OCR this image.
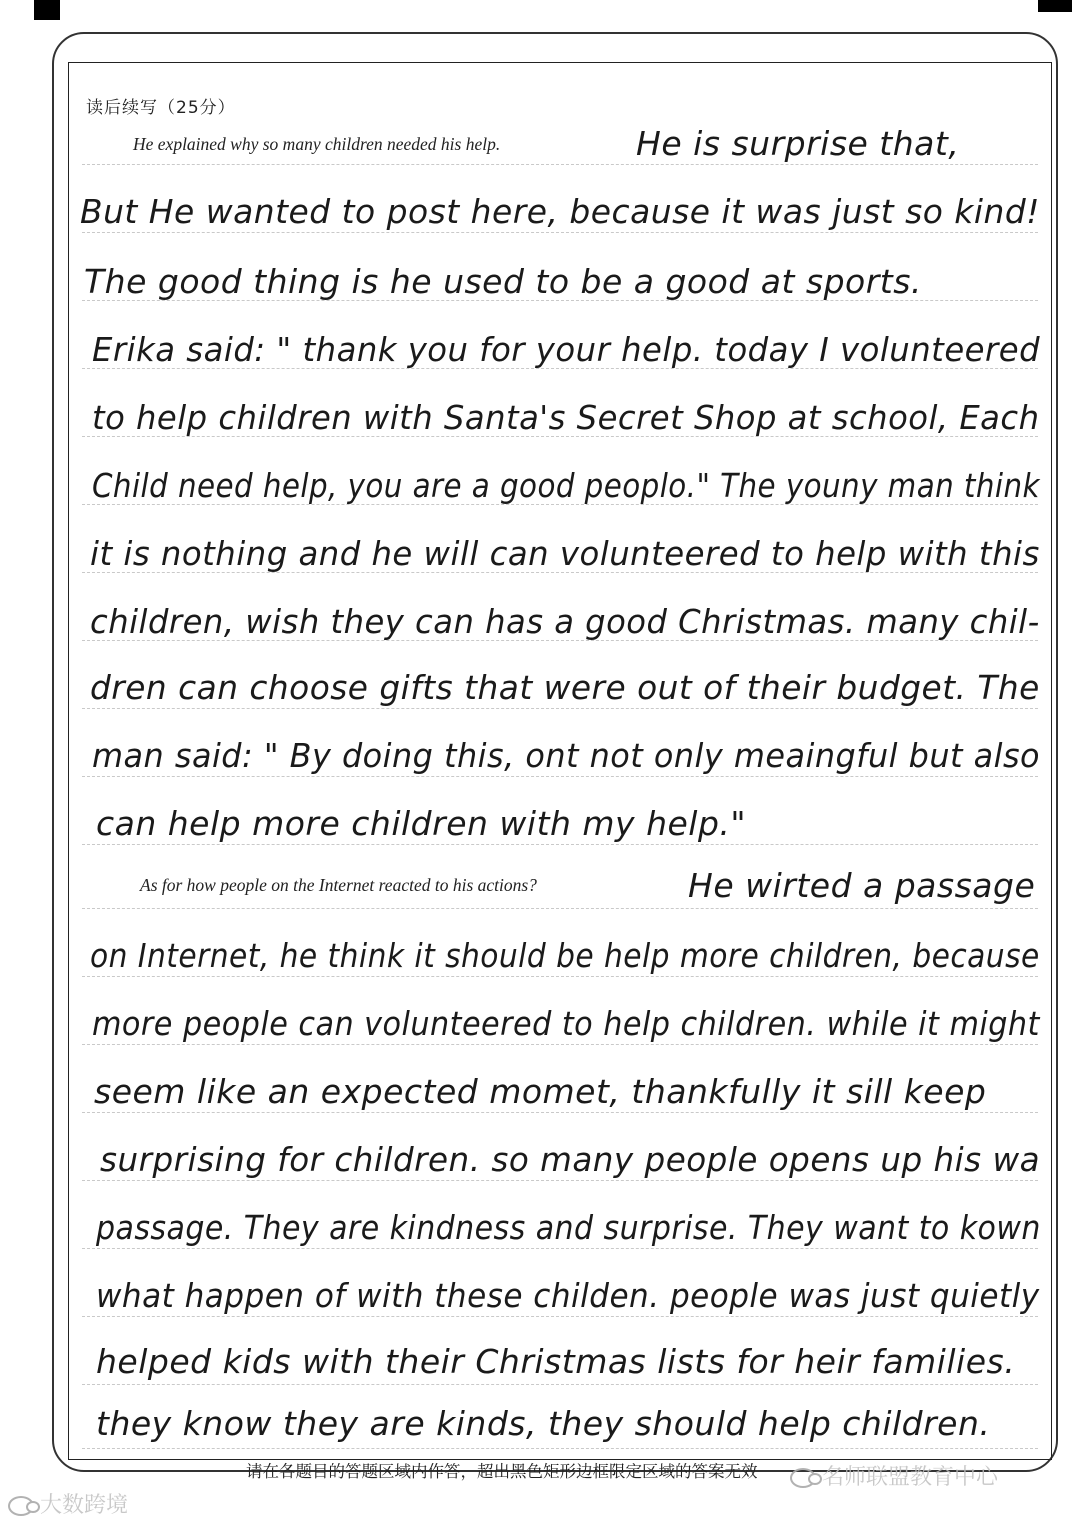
读后续写（25分）
He explained why so many children needed his help.	He is surprise that,
But He wanted to post here, because it was just so kind!
The good thing is he used to be a good at sports.
Erika said: " thank you for your help. today I volunteered
to help children with Santa's Secret Shop at school, Each
Child need help, you are a good peoplo." The youny man think
it is nothing and he will can volunteered to help with this
children, wish they can has a good Christmas. many chil-
dren can choose gifts that were out of their budget. The
man said: " By doing this, ont not only meaingful but also
can help more children with my help."
As for how people on the Internet reacted to his actions?	He wirted a passage
on Internet, he think it should be help more children, because
more people can volunteered to help children. while it might
seem like an expected momet, thankfully it sill keep
surprising for children. so many people opens up his wa
passage. They are kindness and surprise. They want to kown
what happen of with these childen. people was just quietly
helped kids with their Christmas lists for heir families.
they know they are kinds, they should help children.
请在各题目的答题区域内作答，超出黑色矩形边框限定区域的答案无效
大数跨境
名师联盟教育中心
